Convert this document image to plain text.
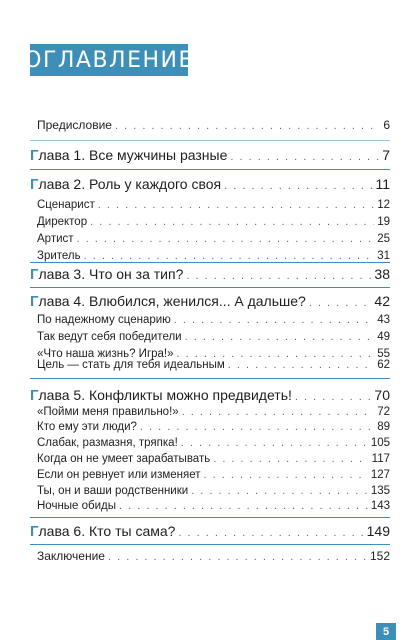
ОГЛАВЛЕНИЕ
Предисловие . . .	6
Глава 1. Все мужчины разные . . .	7
Глава 2. Роль у каждого своя . . .	11
Сценарист . . .	12
Директор . . .	19
Артист . . .	25
Зритель . . .	31
Глава 3. Что он за тип? . . .	38
Глава 4. Влюбился, женился... А дальше? . . .	42
По надежному сценарию . . .	43
Так ведут себя победители . . .	49
«Что наша жизнь? Игра!» . . .	55
Цель — стать для тебя идеальным . . .	62
Глава 5. Конфликты можно предвидеть! . . .	70
«Пойми меня правильно!» . . .	72
Кто ему эти люди? . . .	89
Слабак, размазня, тряпка! . . .	105
Когда он не умеет зарабатывать . . .	117
Если он ревнует или изменяет . . .	127
Ты, он и ваши родственники . . .	135
Ночные обиды . . .	143
Глава 6. Кто ты сама? . . .	149
Заключение . . .	152
5
